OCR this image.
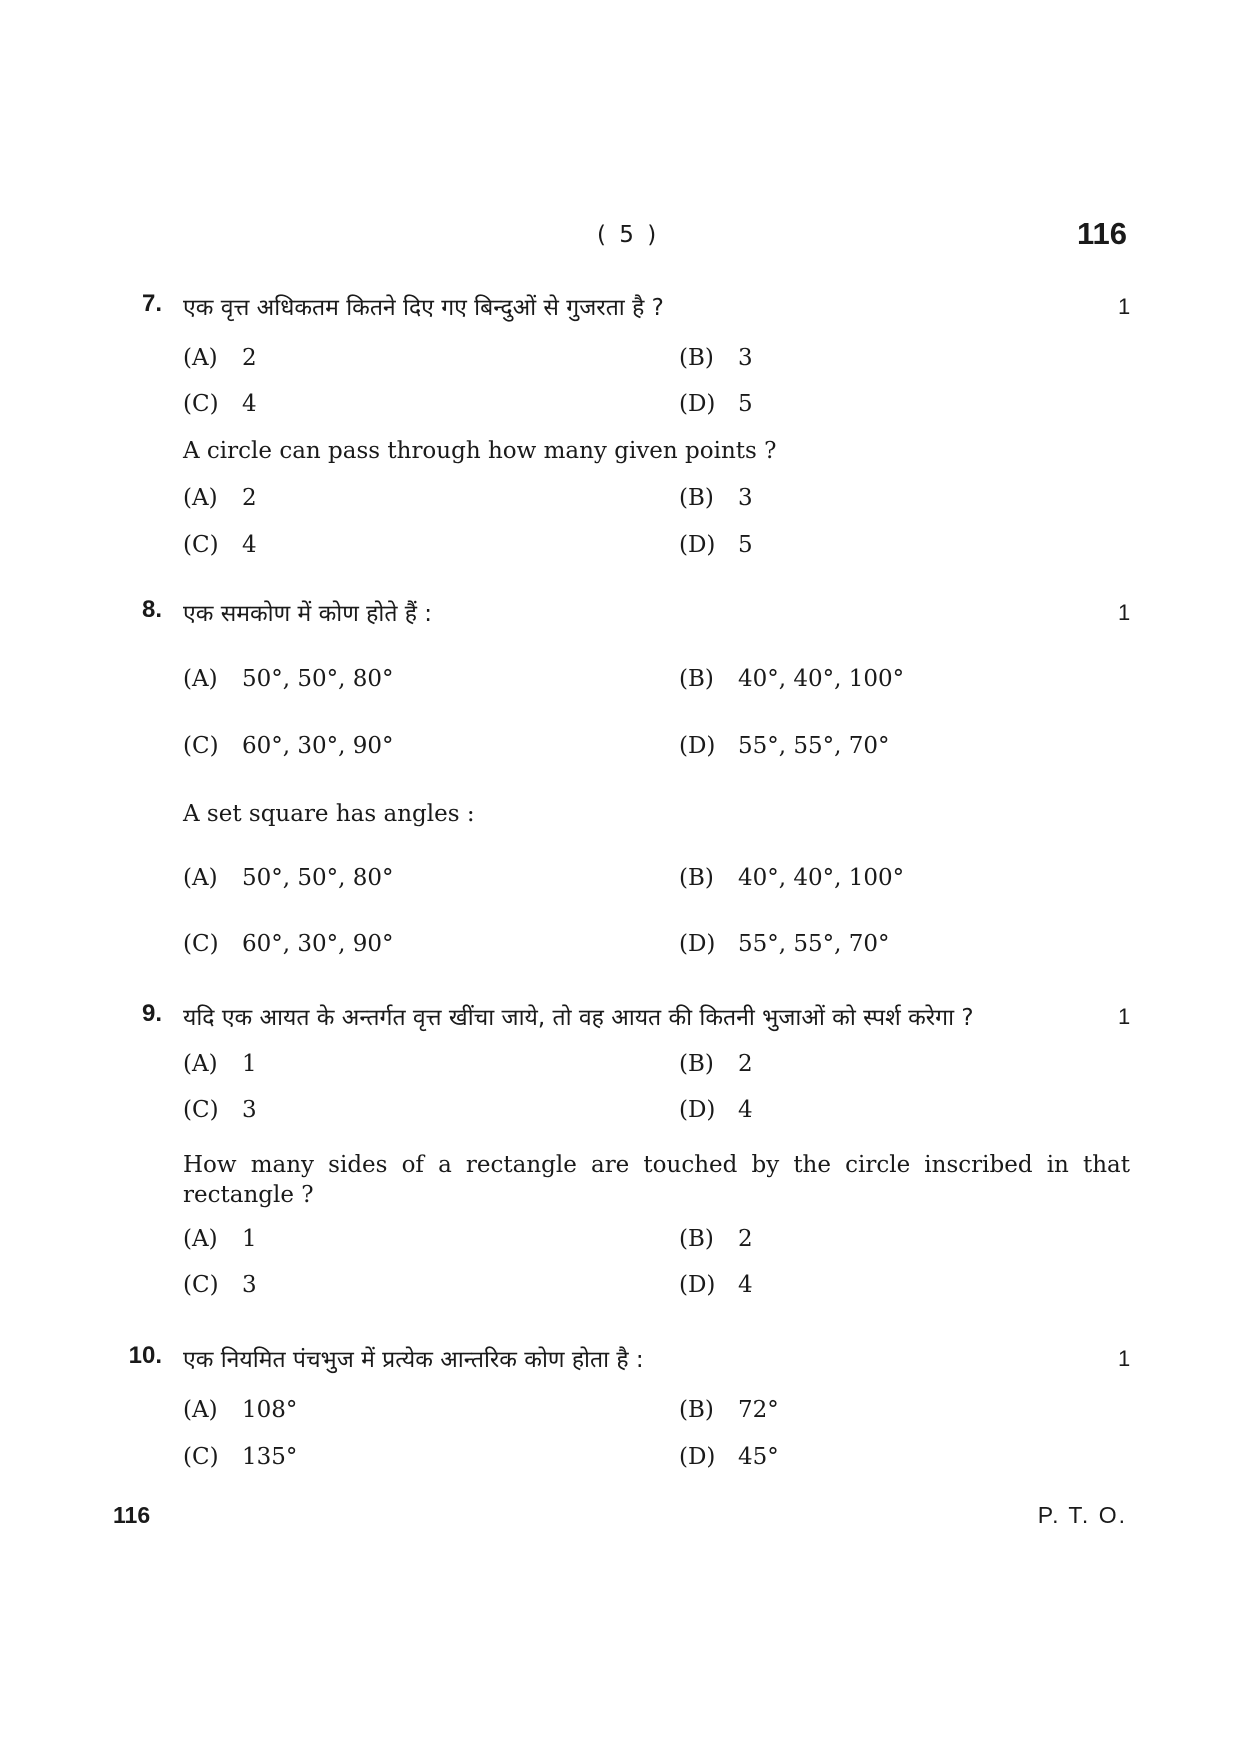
( 5 )	116
7. एक वृत्त अधिकतम कितने दिए गए बिन्दुओं से गुजरता है ?	1
(A) 2	(B) 3
(C) 4	(D) 5
A circle can pass through how many given points ?
(A) 2	(B) 3
(C) 4	(D) 5
8. एक समकोण में कोण होते हैं :	1
(A) 50°, 50°, 80°	(B) 40°, 40°, 100°
(C) 60°, 30°, 90°	(D) 55°, 55°, 70°
A set square has angles :
(A) 50°, 50°, 80°	(B) 40°, 40°, 100°
(C) 60°, 30°, 90°	(D) 55°, 55°, 70°
9. यदि एक आयत के अन्तर्गत वृत्त खींचा जाये, तो वह आयत की कितनी भुजाओं को स्पर्श करेगा ?	1
(A) 1	(B) 2
(C) 3	(D) 4
How many sides of a rectangle are touched by the circle inscribed in that rectangle ?
(A) 1	(B) 2
(C) 3	(D) 4
10. एक नियमित पंचभुज में प्रत्येक आन्तरिक कोण होता है :	1
(A) 108°	(B) 72°
(C) 135°	(D) 45°
116	P. T. O.
